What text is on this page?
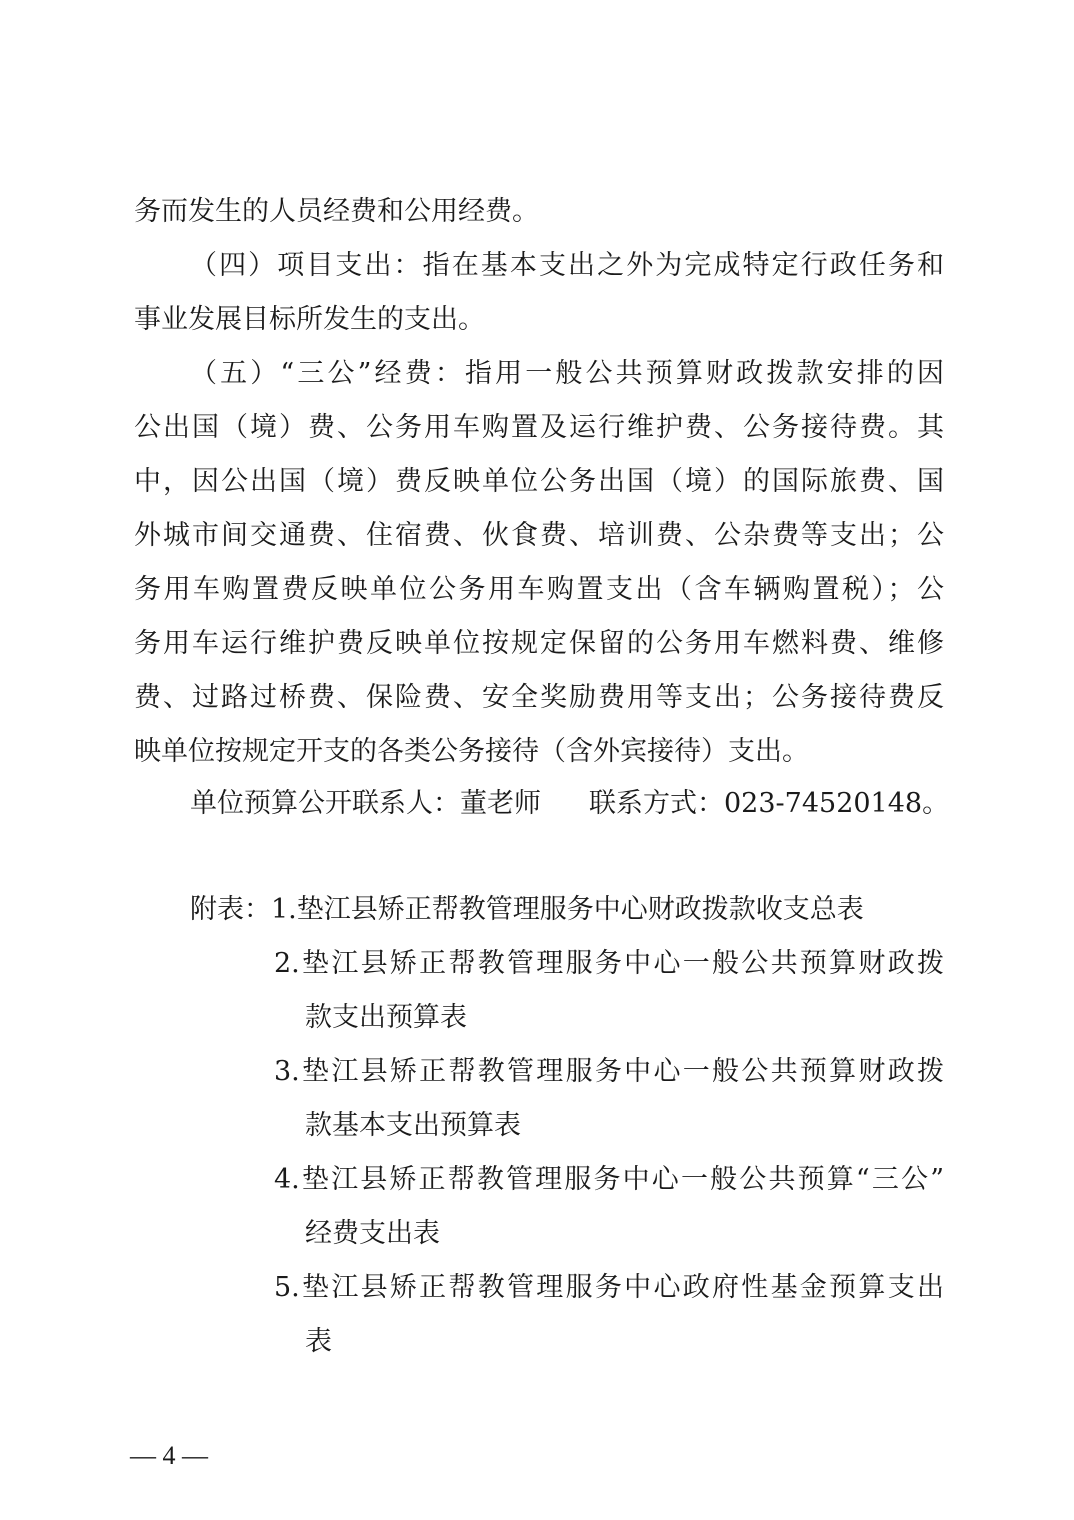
务而发生的人员经费和公用经费。
（四）项目支出：指在基本支出之外为完成特定行政任务和
事业发展目标所发生的支出。
（五）“三公”经费：指用一般公共预算财政拨款安排的因
公出国（境）费、公务用车购置及运行维护费、公务接待费。其
中，因公出国（境）费反映单位公务出国（境）的国际旅费、国
外城市间交通费、住宿费、伙食费、培训费、公杂费等支出；公
务用车购置费反映单位公务用车购置支出（含车辆购置税）；公
务用车运行维护费反映单位按规定保留的公务用车燃料费、维修
费、过路过桥费、保险费、安全奖励费用等支出；公务接待费反
映单位按规定开支的各类公务接待（含外宾接待）支出。
单位预算公开联系人：董老师 联系方式：023-74520148。
附表：1.垫江县矫正帮教管理服务中心财政拨款收支总表
2.垫江县矫正帮教管理服务中心一般公共预算财政拨
款支出预算表
3.垫江县矫正帮教管理服务中心一般公共预算财政拨
款基本支出预算表
4.垫江县矫正帮教管理服务中心一般公共预算“三公”
经费支出表
5.垫江县矫正帮教管理服务中心政府性基金预算支出
表
— 4 —
